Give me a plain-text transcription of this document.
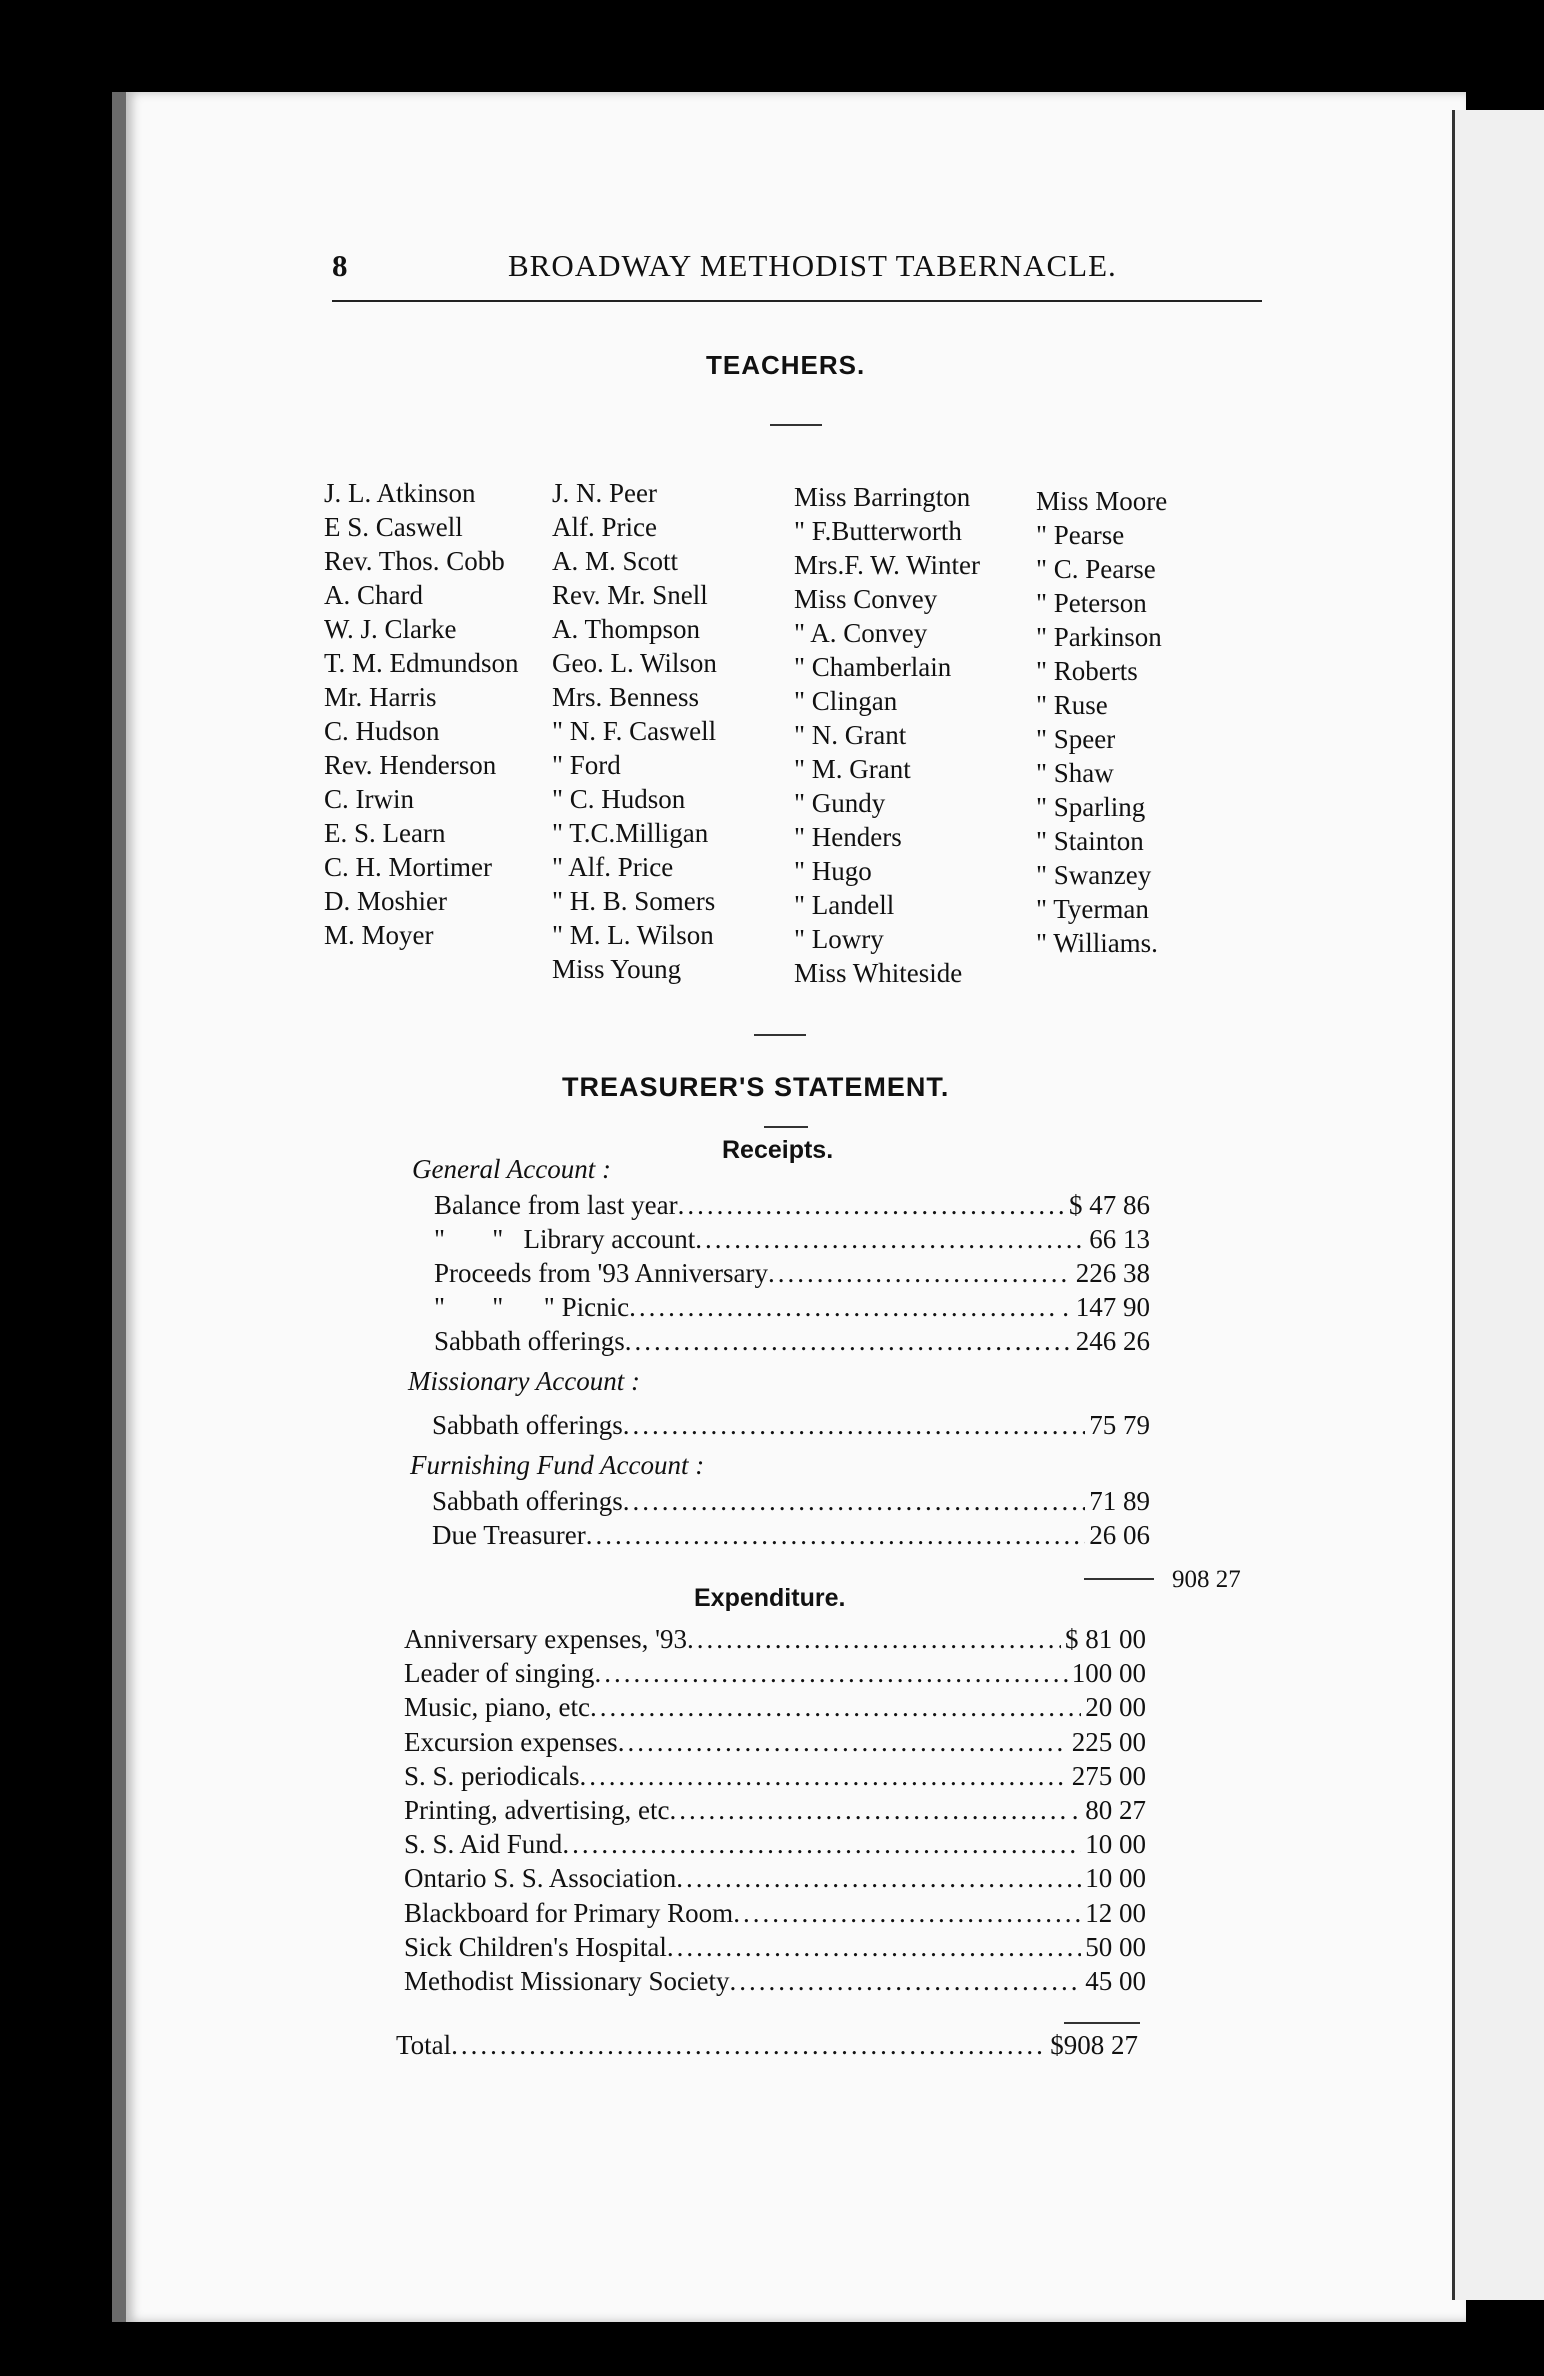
8	BROADWAY METHODIST TABERNACLE.
TEACHERS.
J. L. Atkinson
E S. Caswell
Rev. Thos. Cobb
A. Chard
W. J. Clarke
T. M. Edmundson
Mr. Harris
C. Hudson
Rev. Henderson
C. Irwin
E. S. Learn
C. H. Mortimer
D. Moshier
M. Moyer
J. N. Peer
Alf. Price
A. M. Scott
Rev. Mr. Snell
A. Thompson
Geo. L. Wilson
Mrs. Benness
" N. F. Caswell
" Ford
" C. Hudson
" T.C.Milligan
" Alf. Price
" H. B. Somers
" M. L. Wilson
Miss Young
Miss Barrington
" F.Butterworth
Mrs.F. W. Winter
Miss Convey
" A. Convey
" Chamberlain
" Clingan
" N. Grant
" M. Grant
" Gundy
" Henders
" Hugo
" Landell
" Lowry
Miss Whiteside
Miss Moore
" Pearse
" C. Pearse
" Peterson
" Parkinson
" Roberts
" Ruse
" Speer
" Shaw
" Sparling
" Stainton
" Swanzey
" Tyerman
" Williams.
TREASURER'S STATEMENT.
Receipts.
General Account :
Balance from last year .....	$ 47 86
"       "   Library account .....	66 13
Proceeds from '93 Anniversary .....	226 38
"       "      " Picnic .....	. 147 90
Sabbath offerings .....	246 26
Missionary Account :
Sabbath offerings .....	75 79
Furnishing Fund Account :
Sabbath offerings .....	71 89
Due Treasurer .....	26 06
908 27
Expenditure.
Anniversary expenses, '93 .....	$ 81 00
Leader of singing .....	100 00
Music, piano, etc .....	20 00
Excursion expenses .....	225 00
S. S. periodicals .....	275 00
Printing, advertising, etc .....	. 80 27
S. S. Aid Fund .....	10 00
Ontario S. S. Association .....	10 00
Blackboard for Primary Room .....	12 00
Sick Children's Hospital .....	50 00
Methodist Missionary Society .....	45 00
Total .....	$908 27
